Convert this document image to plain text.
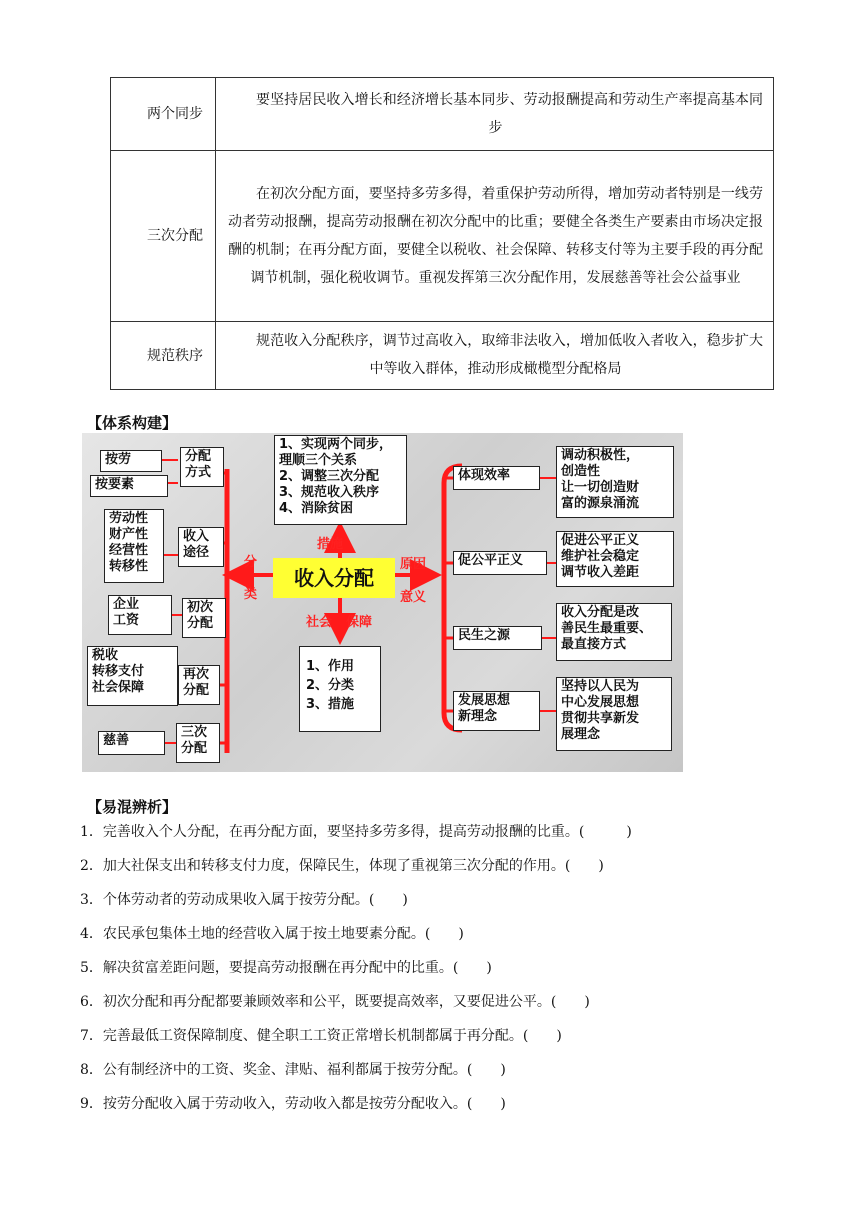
两个同步	要坚持居民收入增长和经济增长基本同步、劳动报酬提高和劳动生产率提高基本同步
三次分配	在初次分配方面，要坚持多劳多得，着重保护劳动所得，增加劳动者特别是一线劳动者劳动报酬，提高劳动报酬在初次分配中的比重；要健全各类生产要素由市场决定报酬的机制；在再分配方面，要健全以税收、社会保障、转移支付等为主要手段的再分配调节机制，强化税收调节。重视发挥第三次分配作用，发展慈善等社会公益事业
规范秩序	规范收入分配秩序，调节过高收入，取缔非法收入，增加低收入者收入，稳步扩大中等收入群体，推动形成橄榄型分配格局
【体系构建】
按劳
按要素
劳动性
财产性
经营性
转移性
企业
工资
税收
转移支付
社会保障
慈善
分配
方式
收入
途径
初次
分配
再次
分配
三次
分配
1、实现两个同步，
理顺三个关系
2、调整三次分配
3、规范收入秩序
4、消除贫困
1、作用
2、分类
3、措施
收入分配
措施
分
类
原因
意义
社会 保障
体现效率
促公平正义
民生之源
发展思想
新理念
调动积极性，
创造性
让一切创造财
富的源泉涌流
促进公平正义
维护社会稳定
调节收入差距
收入分配是改
善民生最重要、
最直接方式
坚持以人民为
中心发展思想
贯彻共享新发
展理念
【易混辨析】
1．完善收入个人分配，在再分配方面，要坚持多劳多得，提高劳动报酬的比重。(　　　)
2．加大社保支出和转移支付力度，保障民生，体现了重视第三次分配的作用。(　　)
3．个体劳动者的劳动成果收入属于按劳分配。(　　)
4．农民承包集体土地的经营收入属于按土地要素分配。(　　)
5．解决贫富差距问题，要提高劳动报酬在再分配中的比重。(　　)
6．初次分配和再分配都要兼顾效率和公平，既要提高效率，又要促进公平。(　　)
7．完善最低工资保障制度、健全职工工资正常增长机制都属于再分配。(　　)
8．公有制经济中的工资、奖金、津贴、福利都属于按劳分配。(　　)
9．按劳分配收入属于劳动收入，劳动收入都是按劳分配收入。(　　)
